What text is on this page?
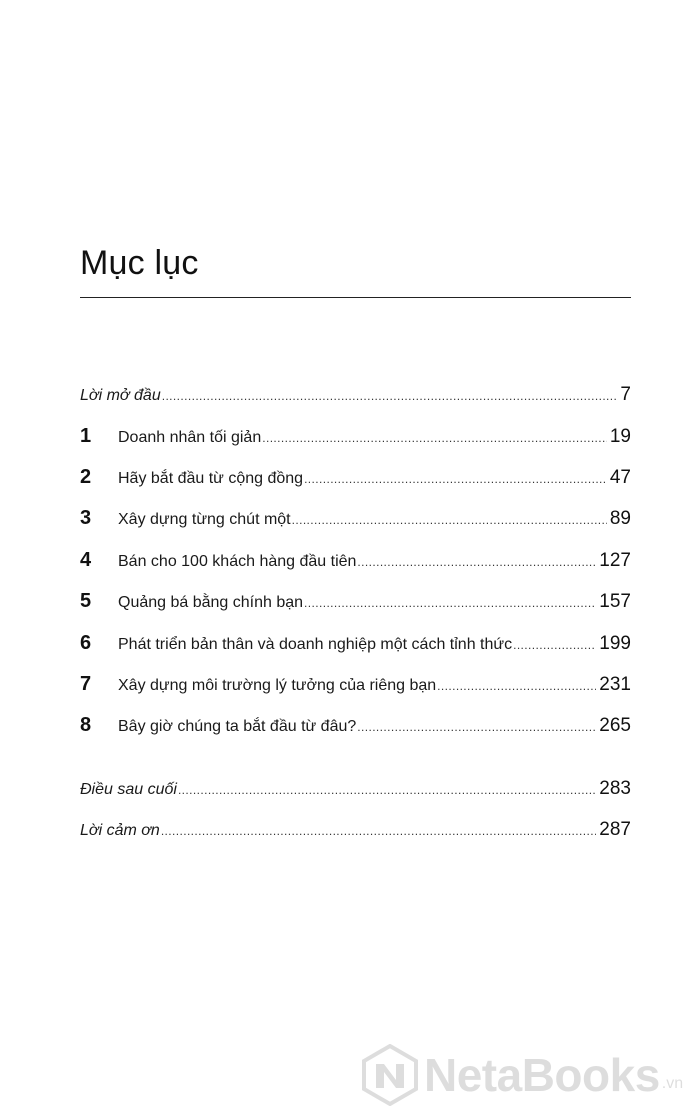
Mục lục
Lời mở đầu .....	7
1	Doanh nhân tối giản .....	19
2	Hãy bắt đầu từ cộng đồng .....	47
3	Xây dựng từng chút một .....	89
4	Bán cho 100 khách hàng đầu tiên .....	127
5	Quảng bá bằng chính bạn .....	157
6	Phát triển bản thân và doanh nghiệp một cách tỉnh thức .....	199
7	Xây dựng môi trường lý tưởng của riêng bạn .....	231
8	Bây giờ chúng ta bắt đầu từ đâu? .....	265
Điều sau cuối .....	283
Lời cảm ơn .....	287
NetaBooks .vn
